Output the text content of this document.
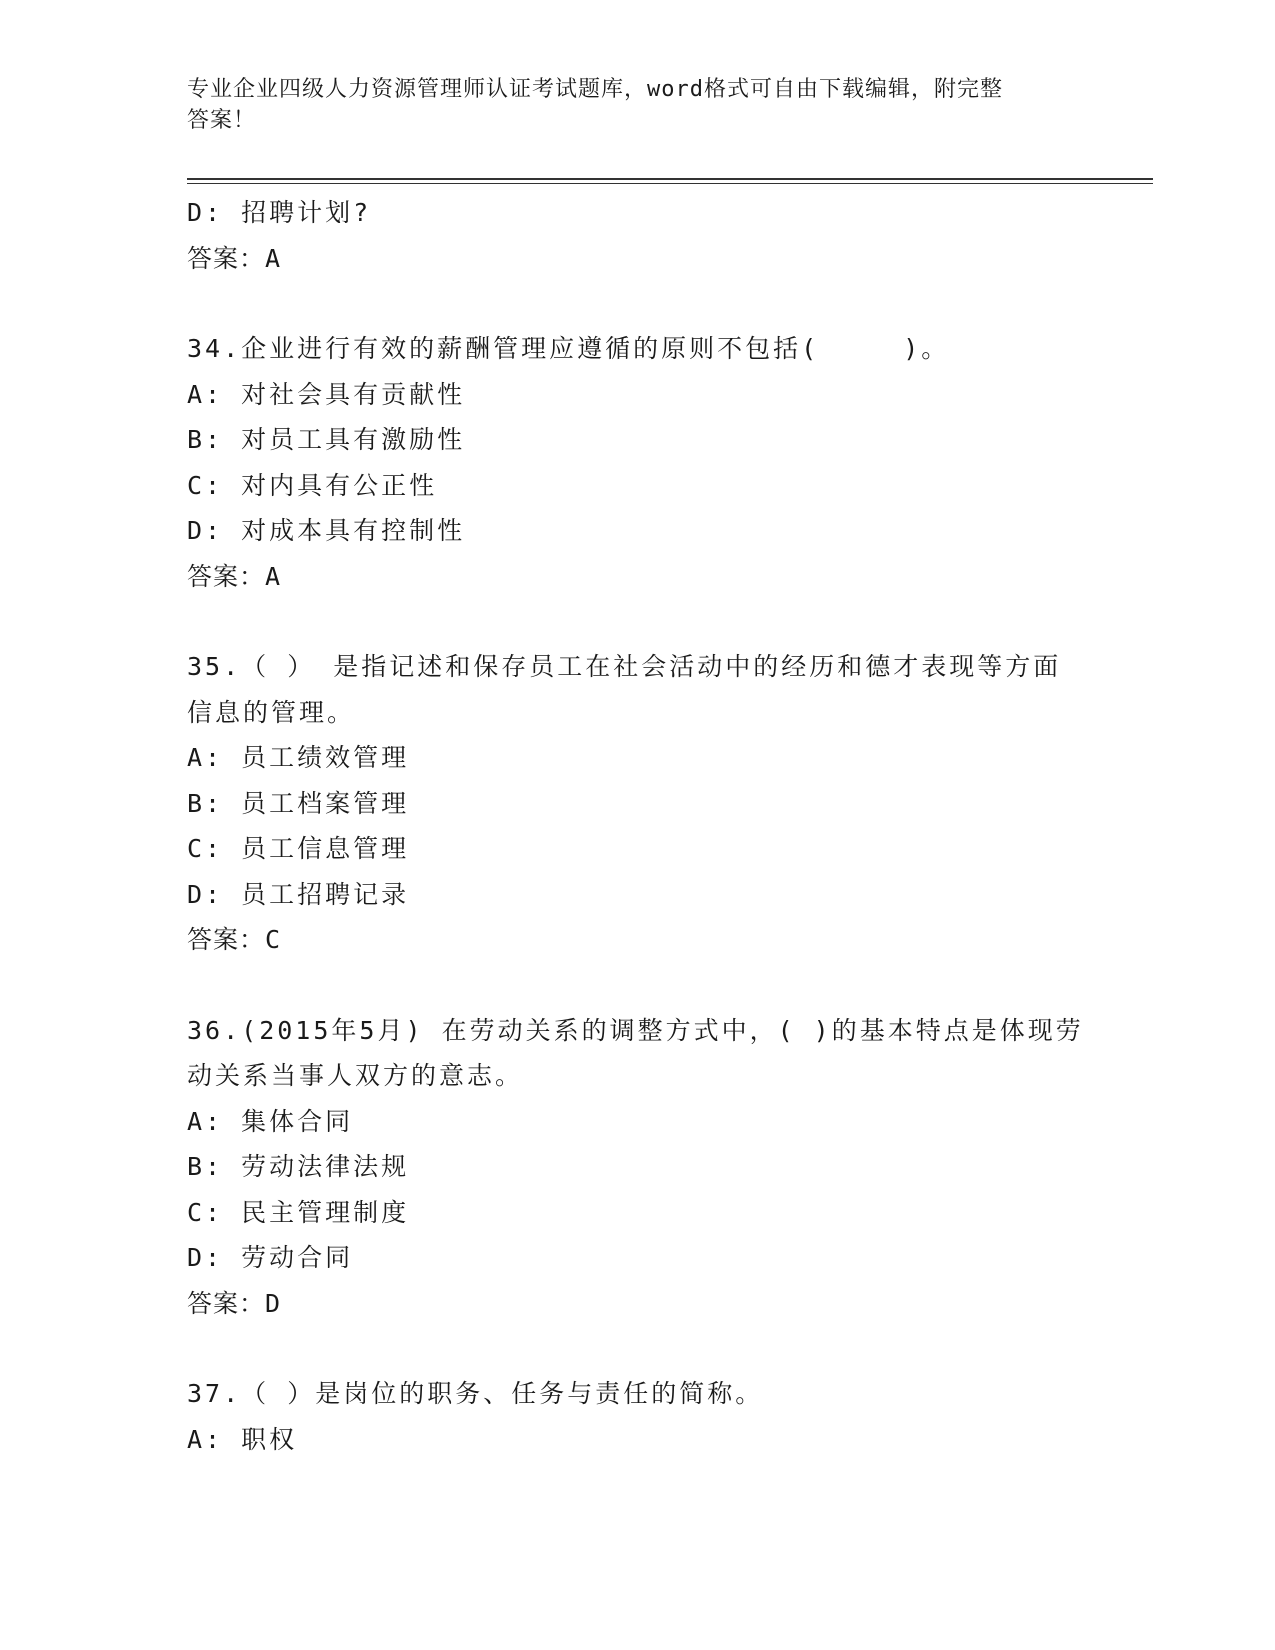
专业企业四级人力资源管理师认证考试题库，word格式可自由下载编辑，附完整
答案！
D: 招聘计划?
答案：A
34.企业进行有效的薪酬管理应遵循的原则不包括(　　　)。
A: 对社会具有贡献性
B: 对员工具有激励性
C: 对内具有公正性
D: 对成本具有控制性
答案：A
35.（ ） 是指记述和保存员工在社会活动中的经历和德才表现等方面
信息的管理。
A: 员工绩效管理
B: 员工档案管理
C: 员工信息管理
D: 员工招聘记录
答案：C
36.(2015年5月) 在劳动关系的调整方式中，( )的基本特点是体现劳
动关系当事人双方的意志。
A: 集体合同
B: 劳动法律法规
C: 民主管理制度
D: 劳动合同
答案：D
37.（ ）是岗位的职务、任务与责任的简称。
A: 职权
